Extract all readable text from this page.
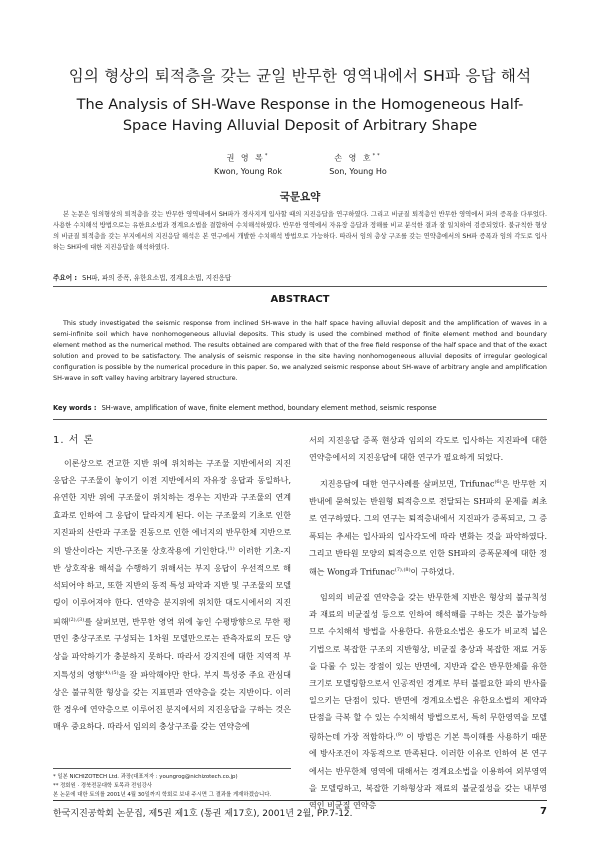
임의 형상의 퇴적층을 갖는 균일 반무한 영역내에서 SH파 응답 해석
The Analysis of SH-Wave Response in the Homogeneous Half-Space Having Alluvial Deposit of Arbitrary Shape
권 영 록*
Kwon, Young Rok
손 영 호**
Son, Young Ho
국문요약
본 논문은 임의형상의 퇴적층을 갖는 반무한 영역내에서 SH파가 경사지게 입사할 때의 지진응답을 연구하였다. 그리고 비균질 퇴적층인 반무한 영역에서 파의 증폭을 다루었다. 사용한 수치해석 방법으로는 유한요소법과 경계요소법을 결합하여 수치해석하였다. 반무한 영역에서 자유장 응답과 정해를 비교 분석한 결과 잘 일치하여 검증되었다. 불규칙한 형상의 비균질 퇴적층을 갖는 부지에서의 지진응답 해석은 본 연구에서 개발한 수치해석 방법으로 가능하다. 따라서 임의 층상 구조를 갖는 연약층에서의 SH파 증폭과 임의 각도로 입사하는 SH파에 대한 지진응답을 해석하였다.
주요어 : SH파, 파의 증폭, 유한요소법, 경계요소법, 지진응답
ABSTRACT
This study investigated the seismic response from inclined SH-wave in the half space having alluvial deposit and the amplification of waves in a semi-infinite soil which have nonhomogeneous alluvial deposits. This study is used the combined method of finite element method and boundary element method as the numerical method. The results obtained are compared with that of the free field response of the half space and that of the exact solution and proved to be satisfactory. The analysis of seismic response in the site having nonhomogeneous alluvial deposits of irregular geological configuration is possible by the numerical procedure in this paper. So, we analyzed seismic response about SH-wave of arbitrary angle and amplification SH-wave in soft valley having arbitrary layered structure.
Key words : SH-wave, amplification of wave, finite element method, boundary element method, seismic response
1. 서 론

이론상으로 견고한 지반 위에 위치하는 구조물 지반에서의 지진응답은 구조물이 놓이기 이전 지반에서의 자유장 응답과 동일하나, 유연한 지반 위에 구조물이 위치하는 경우는 지반과 구조물의 연계효과로 인하여 그 응답이 달라지게 된다. 이는 구조물의 기초로 인한 지진파의 산란과 구조물 진동으로 인한 에너지의 반무한체 지반으로의 발산이라는 지반-구조물 상호작용에 기인한다.$^{(1)}$ 이러한 기초-지반 상호작용 해석을 수행하기 위해서는 부지 응답이 우선적으로 해석되어야 하고, 또한 지반의 동적 특성 파악과 지반 및 구조물의 모델링이 이루어져야 한다. 연약층 분지위에 위치한 대도시에서의 지진피해$^{(2),(3)}$를 살펴보면, 반무한 영역 위에 놓인 수평방향으로 무한 평면인 충상구조로 구성되는 1차원 모델만으로는 관측자료의 모든 양상을 파악하기가 충분하지 못하다. 따라서 강지진에 대한 지역적 부지특성의 영향$^{(4),(5)}$을 잘 파악해야만 한다. 부지 특성중 주요 관심대상은 불규칙한 형상을 갖는 지표면과 연약층을 갖는 지반이다. 이러한 경우에 연약층으로 이루어진 분지에서의 지진응답을 구하는 것은 매우 중요하다. 따라서 임의의 충상구조를 갖는 연약층에

서의 지진응답 증폭 현상과 임의의 각도로 입사하는 지진파에 대한 연약층에서의 지진응답에 대한 연구가 필요하게 되었다.

지진응답에 대한 연구사례를 살펴보면, Trifunac$^{(6)}$은 반무한 지반내에 묻혀있는 반원형 퇴적층으로 전달되는 SH파의 문제를 최초로 연구하였다. 그의 연구는 퇴적층내에서 지진파가 증폭되고, 그 증폭되는 추세는 입사파의 입사각도에 따라 변화는 것을 파악하였다. 그리고 반타원 모양의 퇴적층으로 인한 SH파의 증폭문제에 대한 정해는 Wong과 Trifunac$^{(7),(8)}$이 구하였다.

임의의 비균질 연약층을 갖는 반무한체 지반은 형상의 불규칙성과 재료의 비균질성 등으로 인하여 해석해를 구하는 것은 불가능하므로 수치해석 방법을 사용한다. 유한요소법은 용도가 비교적 넓은 기법으로 복잡한 구조의 지반형상, 비균질 충상과 복잡한 재료 거동을 다룰 수 있는 장점이 있는 반면에, 지반과 같은 반무한체를 유한 크기로 모델링함으로서 인공적인 경계로 부터 불필요한 파의 반사를 일으키는 단점이 있다. 반면에 경계요소법은 유한요소법의 제약과 단점을 극복 할 수 있는 수치해석 방법으로서, 특히 무한영역을 모델링하는데 가장 적합하다.$^{(9)}$ 이 방법은 기본 특이해를 사용하기 때문에 방사조건이 자동적으로 만족된다. 이러한 이유로 인하여 본 연구에서는 반무한체 영역에 대해서는 경계요소법을 이용하여 외부영역을 모델링하고, 복잡한 기하형상과 재료의 불균질성을 갖는 내부영역인 비균질 연약층

* 일본 NICHIZOTECH Ltd. 과장(대표저자 : youngrog@nichizotech.co.jp)
** 정회원 · 경북전문대학 토목과 전임강사
본 논문에 대한 토의를 2001년 4월 30일까지 학회로 보내 주시면 그 결과를 게재하겠습니다.
한국지진공학회 논문집, 제5권 제1호 (통권 제17호), 2001년 2월, PP.7-12.	7
